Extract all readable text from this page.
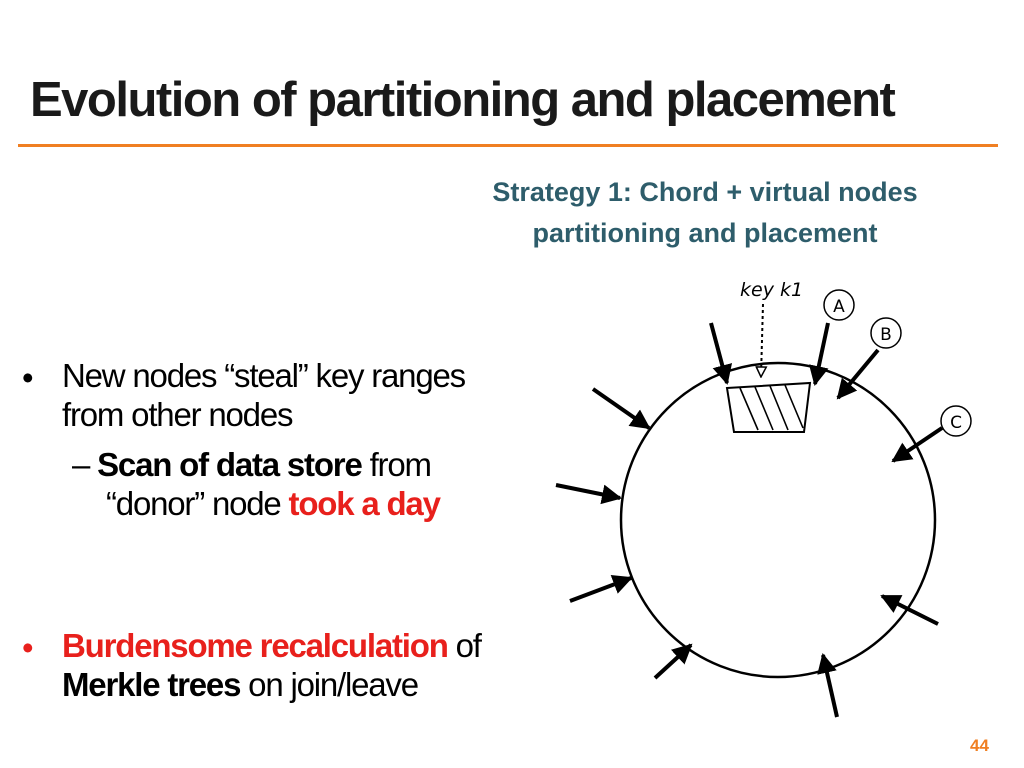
Evolution of partitioning and placement
Strategy 1: Chord + virtual nodes
partitioning and placement
• New nodes “steal” key ranges
from other nodes
– Scan of data store from
“donor” node took a day
• Burdensome recalculation of
Merkle trees on join/leave
key k1
A
B
C
44
